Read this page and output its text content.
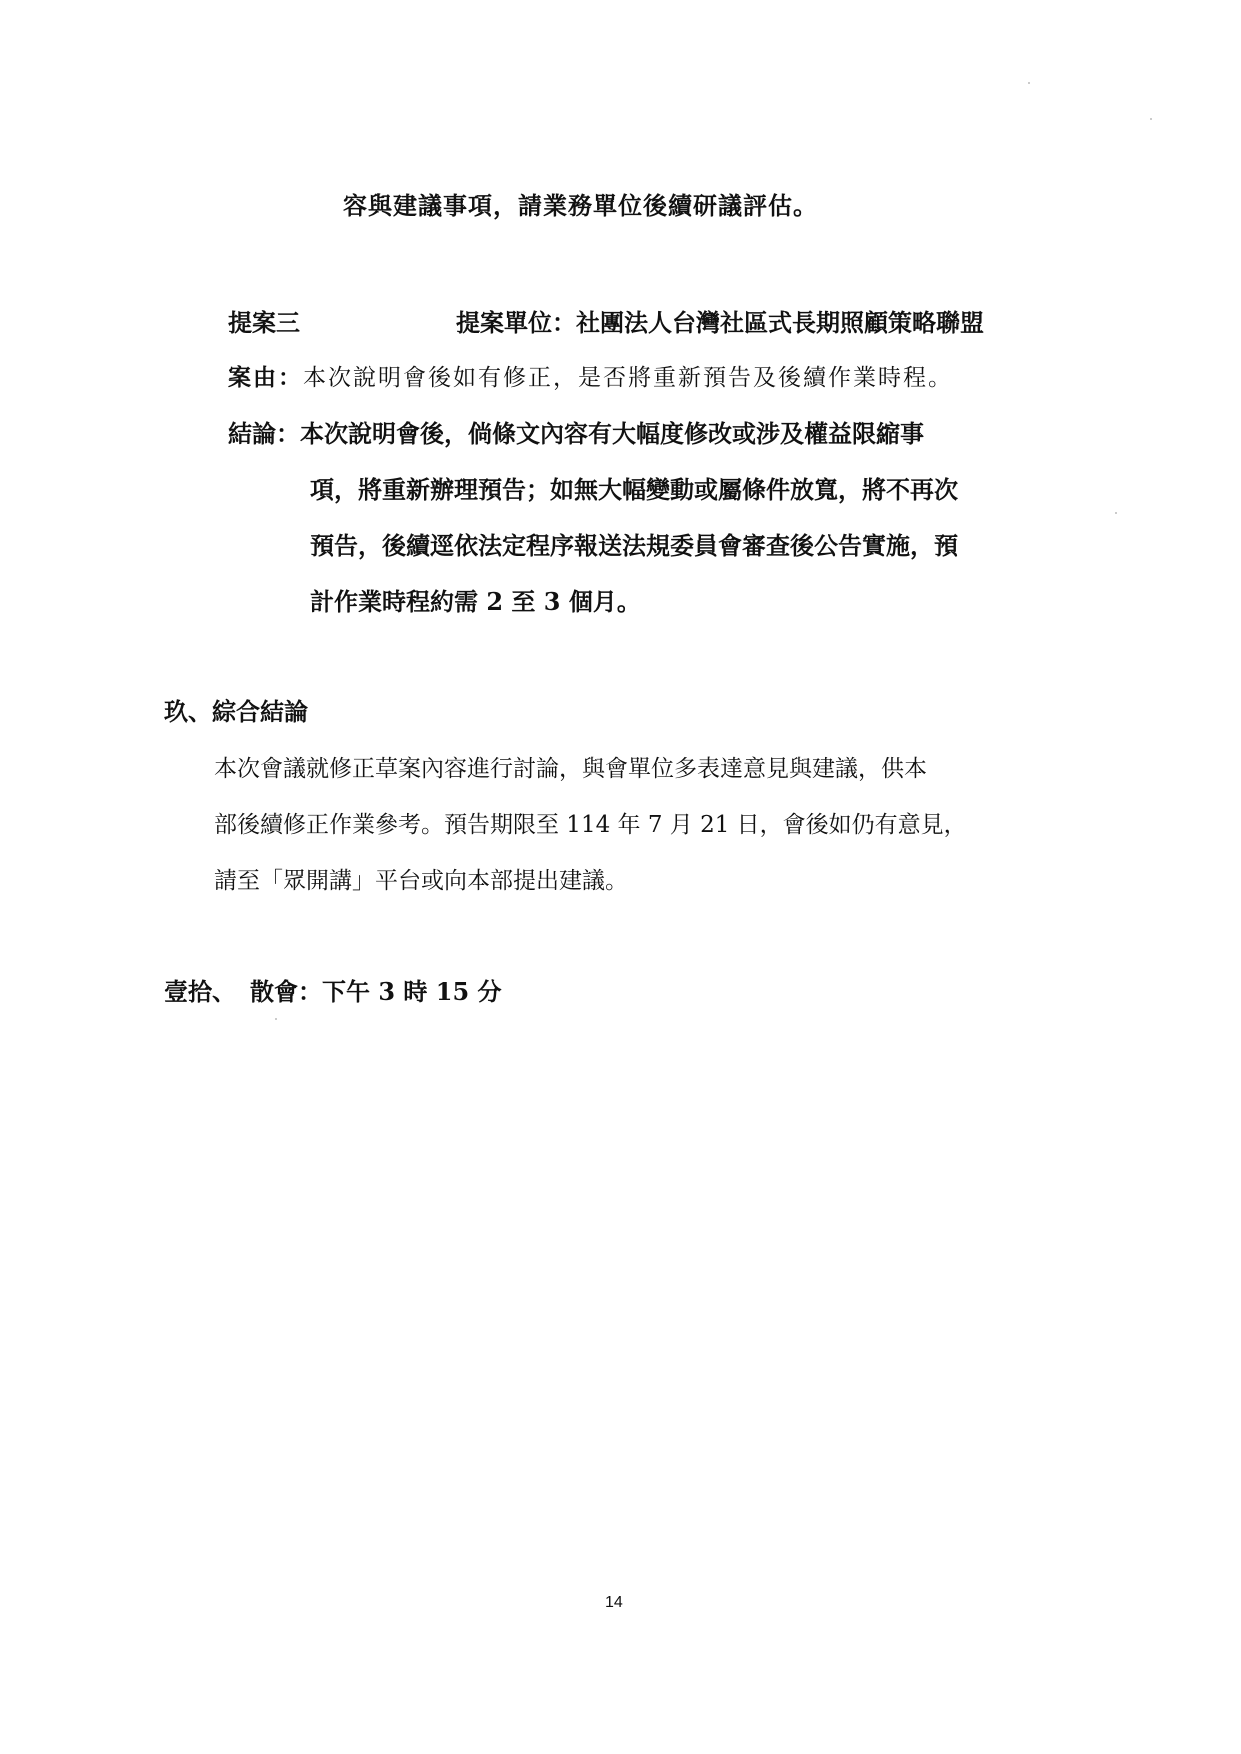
容與建議事項，請業務單位後續研議評估。
提案三	提案單位：社團法人台灣社區式長期照顧策略聯盟
案由：本次說明會後如有修正，是否將重新預告及後續作業時程。
結論：本次說明會後，倘條文內容有大幅度修改或涉及權益限縮事
項，將重新辦理預告；如無大幅變動或屬條件放寬，將不再次
預告，後續逕依法定程序報送法規委員會審查後公告實施，預
計作業時程約需 2 至 3 個月。
玖、綜合結論
本次會議就修正草案內容進行討論，與會單位多表達意見與建議，供本
部後續修正作業參考。預告期限至 114 年 7 月 21 日，會後如仍有意見，
請至「眾開講」平台或向本部提出建議。
壹拾、 散會：下午 3 時 15 分
14
